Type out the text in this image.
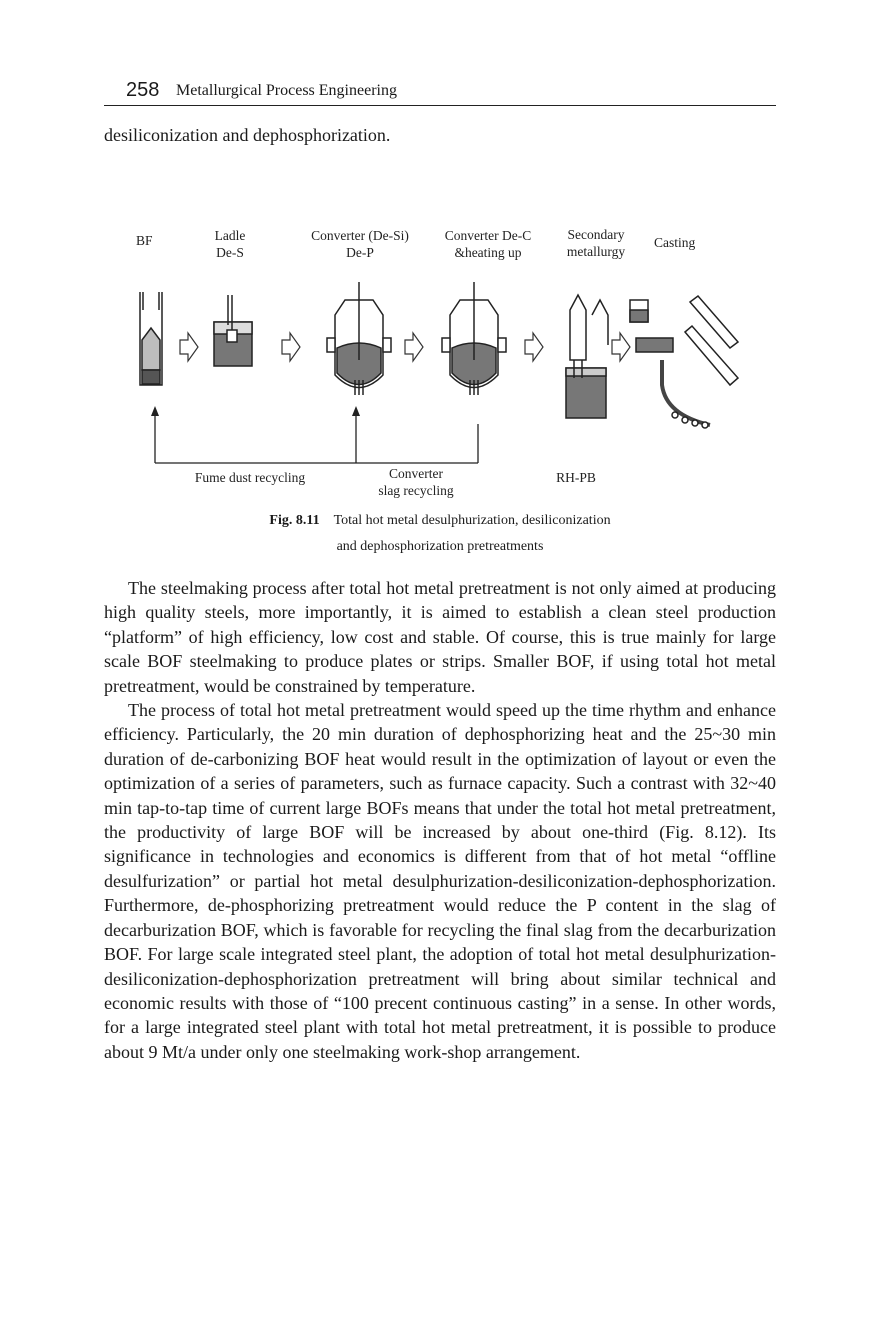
258 Metallurgical Process Engineering
desiliconization and dephosphorization.
BF	Ladle
De-S
Converter (De-Si)
De-P
Converter De-C
&heating up
Secondary
metallurgy
Casting
Fume dust recycling	Converter
slag recycling
RH-PB
Fig. 8.11 Total hot metal desulphurization, desiliconization
and dephosphorization pretreatments

The steelmaking process after total hot metal pretreatment is not only aimed at producing high quality steels, more importantly, it is aimed to establish a clean steel production “platform” of high efficiency, low cost and stable. Of course, this is true mainly for large scale BOF steelmaking to produce plates or strips. Smaller BOF, if using total hot metal pretreatment, would be constrained by temperature.

The process of total hot metal pretreatment would speed up the time rhythm and enhance efficiency. Particularly, the 20 min duration of dephosphorizing heat and the 25~30 min duration of de-carbonizing BOF heat would result in the optimization of layout or even the optimization of a series of parameters, such as furnace capacity. Such a contrast with 32~40 min tap-to-tap time of current large BOFs means that under the total hot metal pretreatment, the productivity of large BOF will be increased by about one-third (Fig. 8.12). Its significance in technologies and economics is different from that of hot metal “offline desulfurization” or partial hot metal desulphurization-desiliconization-dephosphorization. Furthermore, de-phosphorizing pretreatment would reduce the P content in the slag of decarburization BOF, which is favorable for recycling the final slag from the decarburization BOF. For large scale integrated steel plant, the adoption of total hot metal desulphurization-desiliconization-dephosphorization pretreatment will bring about similar technical and economic results with those of “100 precent continuous casting” in a sense. In other words, for a large integrated steel plant with total hot metal pretreatment, it is possible to produce about 9 Mt/a under only one steelmaking work-shop arrangement.
